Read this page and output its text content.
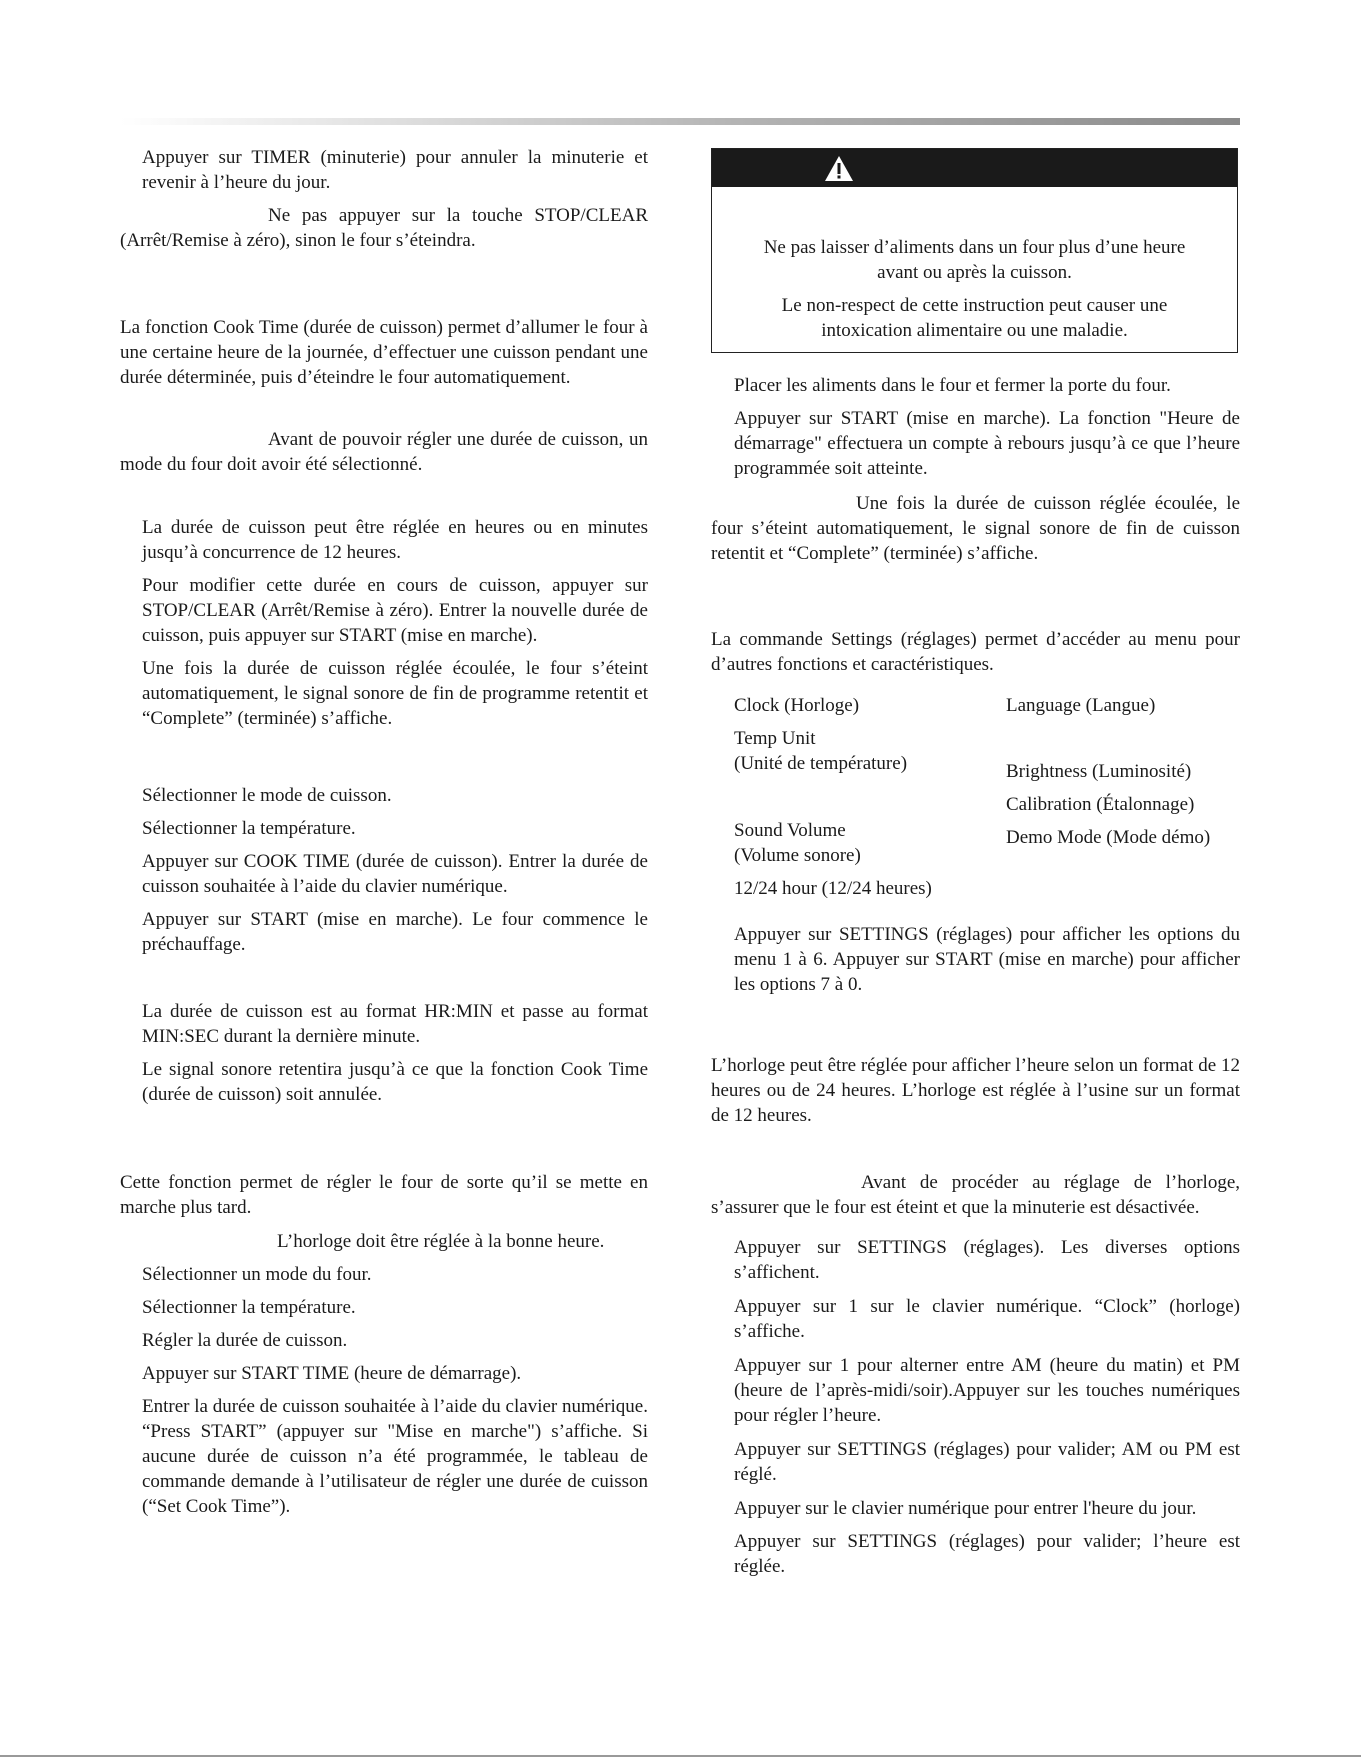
Appuyer sur TIMER (minuterie) pour annuler la minuterie et revenir à l’heure du jour.

Ne pas appuyer sur la touche STOP/CLEAR (Arrêt/Remise à zéro), sinon le four s’éteindra.

La fonction Cook Time (durée de cuisson) permet d’allumer le four à une certaine heure de la journée, d’effectuer une cuisson pendant une durée déterminée, puis d’éteindre le four automatiquement.

Avant de pouvoir régler une durée de cuisson, un mode du four doit avoir été sélectionné.

La durée de cuisson peut être réglée en heures ou en minutes jusqu’à concurrence de 12 heures.

Pour modifier cette durée en cours de cuisson, appuyer sur STOP/CLEAR (Arrêt/Remise à zéro). Entrer la nouvelle durée de cuisson, puis appuyer sur START (mise en marche).

Une fois la durée de cuisson réglée écoulée, le four s’éteint automatiquement, le signal sonore de fin de programme retentit et “Complete” (terminée) s’affiche.

Sélectionner le mode de cuisson.

Sélectionner la température.

Appuyer sur COOK TIME (durée de cuisson). Entrer la durée de cuisson souhaitée à l’aide du clavier numérique.

Appuyer sur START (mise en marche). Le four commence le préchauffage.

La durée de cuisson est au format HR:MIN et passe au format MIN:SEC durant la dernière minute.

Le signal sonore retentira jusqu’à ce que la fonction Cook Time (durée de cuisson) soit annulée.

Cette fonction permet de régler le four de sorte qu’il se mette en marche plus tard.

L’horloge doit être réglée à la bonne heure.

Sélectionner un mode du four.

Sélectionner la température.

Régler la durée de cuisson.

Appuyer sur START TIME (heure de démarrage).

Entrer la durée de cuisson souhaitée à l’aide du clavier numérique. “Press START” (appuyer sur "Mise en marche") s’affiche. Si aucune durée de cuisson n’a été programmée, le tableau de commande demande à l’utilisateur de régler une durée de cuisson (“Set Cook Time”).

Ne pas laisser d’aliments dans un four plus d’une heure avant ou après la cuisson.

Le non-respect de cette instruction peut causer une intoxication alimentaire ou une maladie.

Placer les aliments dans le four et fermer la porte du four.

Appuyer sur START (mise en marche). La fonction "Heure de démarrage" effectuera un compte à rebours jusqu’à ce que l’heure programmée soit atteinte.

Une fois la durée de cuisson réglée écoulée, le four s’éteint automatiquement, le signal sonore de fin de cuisson retentit et “Complete” (terminée) s’affiche.

La commande Settings (réglages) permet d’accéder au menu pour d’autres fonctions et caractéristiques.

Clock (Horloge)
Temp Unit
(Unité de température)
Sound Volume
(Volume sonore)
12/24 hour (12/24 heures)
Language (Langue)
Brightness (Luminosité)
Calibration (Étalonnage)
Demo Mode (Mode démo)

Appuyer sur SETTINGS (réglages) pour afficher les options du menu 1 à 6. Appuyer sur START (mise en marche) pour afficher les options 7 à 0.

L’horloge peut être réglée pour afficher l’heure selon un format de 12 heures ou de 24 heures. L’horloge est réglée à l’usine sur un format de 12 heures.

Avant de procéder au réglage de l’horloge, s’assurer que le four est éteint et que la minuterie est désactivée.

Appuyer sur SETTINGS (réglages). Les diverses options s’affichent.

Appuyer sur 1 sur le clavier numérique. “Clock” (horloge) s’affiche.

Appuyer sur 1 pour alterner entre AM (heure du matin) et PM (heure de l’après-midi/soir).Appuyer sur les touches numériques pour régler l’heure.

Appuyer sur SETTINGS (réglages) pour valider; AM ou PM est réglé.

Appuyer sur le clavier numérique pour entrer l'heure du jour.

Appuyer sur SETTINGS (réglages) pour valider; l’heure est réglée.
